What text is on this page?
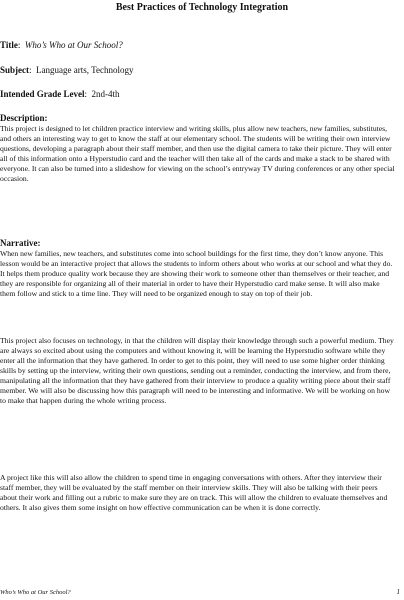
Best Practices of Technology Integration
Title:  Who’s Who at Our School?
Subject:  Language arts, Technology
Intended Grade Level:  2nd-4th
Description:

This project is designed to let children practice interview and writing skills, plus allow new teachers, new families, substitutes, and others an interesting way to get to know the staff at our elementary school. The students will be writing their own interview questions, developing a paragraph about their staff member, and then use the digital camera to take their picture. They will enter all of this information onto a Hyperstudio card and the teacher will then take all of the cards and make a stack to be shared with everyone. It can also be turned into a slideshow for viewing on the school’s entryway TV during conferences or any other special occasion.

Narrative:

When new families, new teachers, and substitutes come into school buildings for the first time, they don’t know anyone. This lesson would be an interactive project that allows the students to inform others about who works at our school and what they do. It helps them produce quality work because they are showing their work to someone other than themselves or their teacher, and they are responsible for organizing all of their material in order to have their Hyperstudio card make sense. It will also make them follow and stick to a time line. They will need to be organized enough to stay on top of their job.

This project also focuses on technology, in that the children will display their knowledge through such a powerful medium. They are always so excited about using the computers and without knowing it, will be learning the Hyperstudio software while they enter all the information that they have gathered. In order to get to this point, they will need to use some higher order thinking skills by setting up the interview, writing their own questions, sending out a reminder, conducting the interview, and from there, manipulating all the information that they have gathered from their interview to produce a quality writing piece about their staff member. We will also be discussing how this paragraph will need to be interesting and informative. We will be working on how to make that happen during the whole writing process.

A project like this will also allow the children to spend time in engaging conversations with others. After they interview their staff member, they will be evaluated by the staff member on their interview skills. They will also be talking with their peers about their work and filling out a rubric to make sure they are on track. This will allow the children to evaluate themselves and others. It also gives them some insight on how effective communication can be when it is done correctly.

Who’s Who at Our School?	1
